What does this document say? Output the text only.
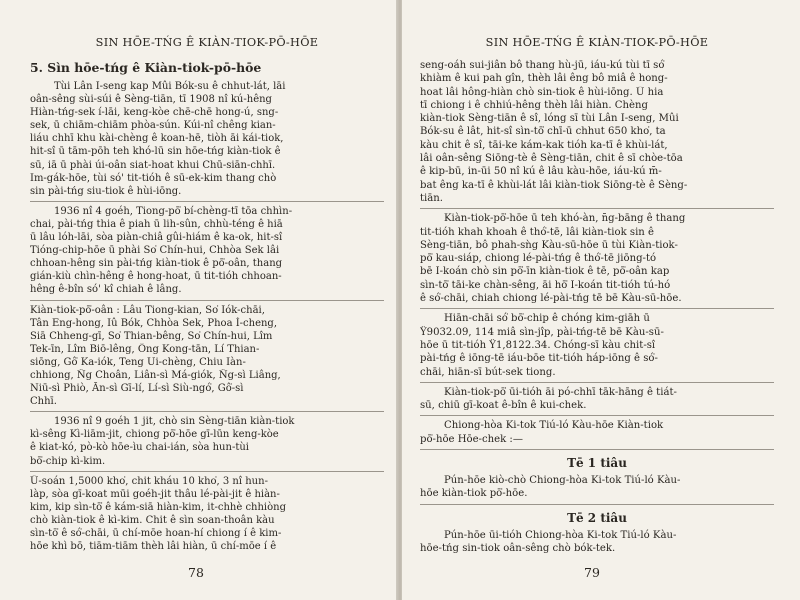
SIN HŌE-TŃG Ê KIÀN-TIOK-PŌ-HŌE
5. Sìn hōe-tńg ê Kiàn-tiok-pō-hōe
Tùi Lân I-seng kap Mûi Bók-su ê chhut-lát, lāi
oân-sêng sùi-súi ê Sèng-tiān, tī 1908 nî kú-hêng
Hiàn-tńg-sek í-lāi, keng-kòe chē-chē hong-ú, sng-
sek, ū chiām-chiām phòa-sún. Kúi-nî chêng kian-
liáu chhī khu kài-chèng ê koan-hē, tiòh āi kái-tiok,
hit-sî ū tām-pōh teh khó-lū sin hōe-tńg kiàn-tiok ê
sū, iā ū phài úi-oân siat-hoat khui Chū-siān-chhī.
Im-gák-hōe, tùi só' tit-tióh ê sū-ek-kim thang chò
sin pài-tńg siu-tiok ê hùi-iōng.
1936 nî 4 goéh, Tiong-pō͘ bí-chèng-tī tōa chhìn-
chai, pài-tńg thia ê piah ū lih-sûn, chhù-téng ê hiā
ū lâu lóh-lāi, sòa piàn-chiâ gûi-hiám ê ka-ok, hit-sî
Tióng-chip-hōe ū phài So͘ Chín-hui, Chhòa Sek lâi
chhoan-hêng sin pài-tńg kiàn-tiok ê pō͘-oân, thang
gián-kiù chìn-hêng ê hong-hoat, ū tit-tióh chhoan-
hêng ê-bîn só' kî chiah ê lâng.
Kiàn-tiok-pō͘-oân : Lâu Tiong-kian, So͘ Iók-chāi,
Tân Eng-hong, Iû Bók, Chhòa Sek, Phoa Í-cheng,
Siā Chheng-gī, So͘ Thian-bêng, So͘ Chín-hui, Lîm
Tek-īn, Lîm Biō-lêng, Ông Kong-tān, Lí Thian-
siōng, Gô͘ Ka-iók, Teng Ui-chèng, Chiu Iàn-
chhiong, N̂g Choân, Liân-sì Má-giók, N̂g-sì Liâng,
Niū-sì Phiò, Ān-sì Gī-lí, Lí-sì Siù-ngó͘, Gô͘-sì
Chhī.
1936 nî 9 goéh 1 jit, chò sin Sèng-tiān kiàn-tiok
kì-sêng Kì-liām-jit, chiong pō͘-hōe gī-lūn keng-kòe
ê kiat-kó, pò-kò hōe-ìu chai-ián, sòa hun-tùi
bō͘-chip kì-kim.
Ū-soán 1,5000 kho͘, chit kháu 10 kho͘, 3 nî hun-
làp, sòa gī-koat mūi goéh-jit thâu lé-pài-jit ê hiàn-
kim, kip sìn-tō͘ ê kám-siā hiàn-kim, it-chhè chhiòng
chò kiàn-tiok ê kì-kim. Chit ê sìn soan-thoân kàu
sìn-tō͘ ê só͘-chāi, ū chí-mōe hoan-hí chiong í ê kim-
hōe khì bō, tiām-tiām thèh lâi hiàn, ū chí-mōe í ê
78
SIN HŌE-TŃG Ê KIÀN-TIOK-PŌ-HŌE
seng-oáh sui-jiân bô thang hù-jū, iáu-kú tùi tī só͘
khiàm ê kui pah gîn, thèh lâi êng bô miâ ê hong-
hoat lâi hông-hiàn chò sin-tiok ê hùi-iōng. Ū hia
tī chiong i ê chhiú-hêng thèh lâi hiàn. Chèng
kiàn-tiok Sèng-tiān ê sî, lóng sī tùi Lân I-seng, Mûi
Bók-su ê lât, hit-sî sìn-tō͘ chī-ū chhut 650 kho͘, ta
kàu chit ê sî, tāi-ke kám-kak tióh ka-tī ê khùi-lát,
lâi oân-sêng Siōng-tè ê Sèng-tiān, chit ê sī chòe-tōa
ê kip-bū, in-ūi 50 nî kú ê lâu kàu-hōe, iáu-kú m̄-
bat êng ka-tī ê khùi-lát lâi kiàn-tiok Siōng-tè ê Sèng-
tiān.
Kiàn-tiok-pō͘-hōe ū teh khó-àn, n̄g-bāng ê thang
tit-tióh khah khoah ê thó͘-tē, lâi kiàn-tiok sin ê
Sèng-tiān, bô phah-sǹg Kàu-sū-hōe ū tùi Kiàn-tiok-
pō͘ kau-siáp, chiong lé-pài-tńg ê thó͘-tē jiōng-tó
bē I-koán chò sin pō͘-īn kiàn-tiok ê tē, pō͘-oân kap
sìn-tō͘ tāi-ke chàn-sêng, āi hō͘ I-koán tit-tióh tú-hó
ê só͘-chāi, chiah chiong lé-pài-tńg tē bē Kàu-sū-hōe.
Hiān-chāi só͘ bō͘-chip ê chóng kim-giāh ū
Ÿ9032.09, 114 miâ sìn-jîp, pài-tńg-tē bē Kàu-sū-
hōe ū tit-tióh Ÿ1,8122.34. Chóng-sī kàu chit-sî
pài-tńg ê iōng-tē iáu-bōe tit-tióh háp-iōng ê só͘-
chāi, hiān-sī bút-sek tiong.
Kiàn-tiok-pō͘ ūi-tióh āi pó-chhī tāk-hāng ê tiát-
sū, chiū gī-koat ê-bîn ê kui-chek.
Chiong-hòa Ki-tok Tiú-ló Kàu-hōe Kiàn-tiok
pō͘-hōe Hōe-chek :—
Tē 1 tiâu
Pún-hōe kiò-chò Chiong-hòa Ki-tok Tiú-ló Kàu-
hōe kiàn-tiok pō͘-hōe.
Tē 2 tiâu
Pún-hōe ūi-tióh Chiong-hòa Ki-tok Tiú-ló Kàu-
hōe-tńg sin-tiok oân-sêng chò bók-tek.
79
